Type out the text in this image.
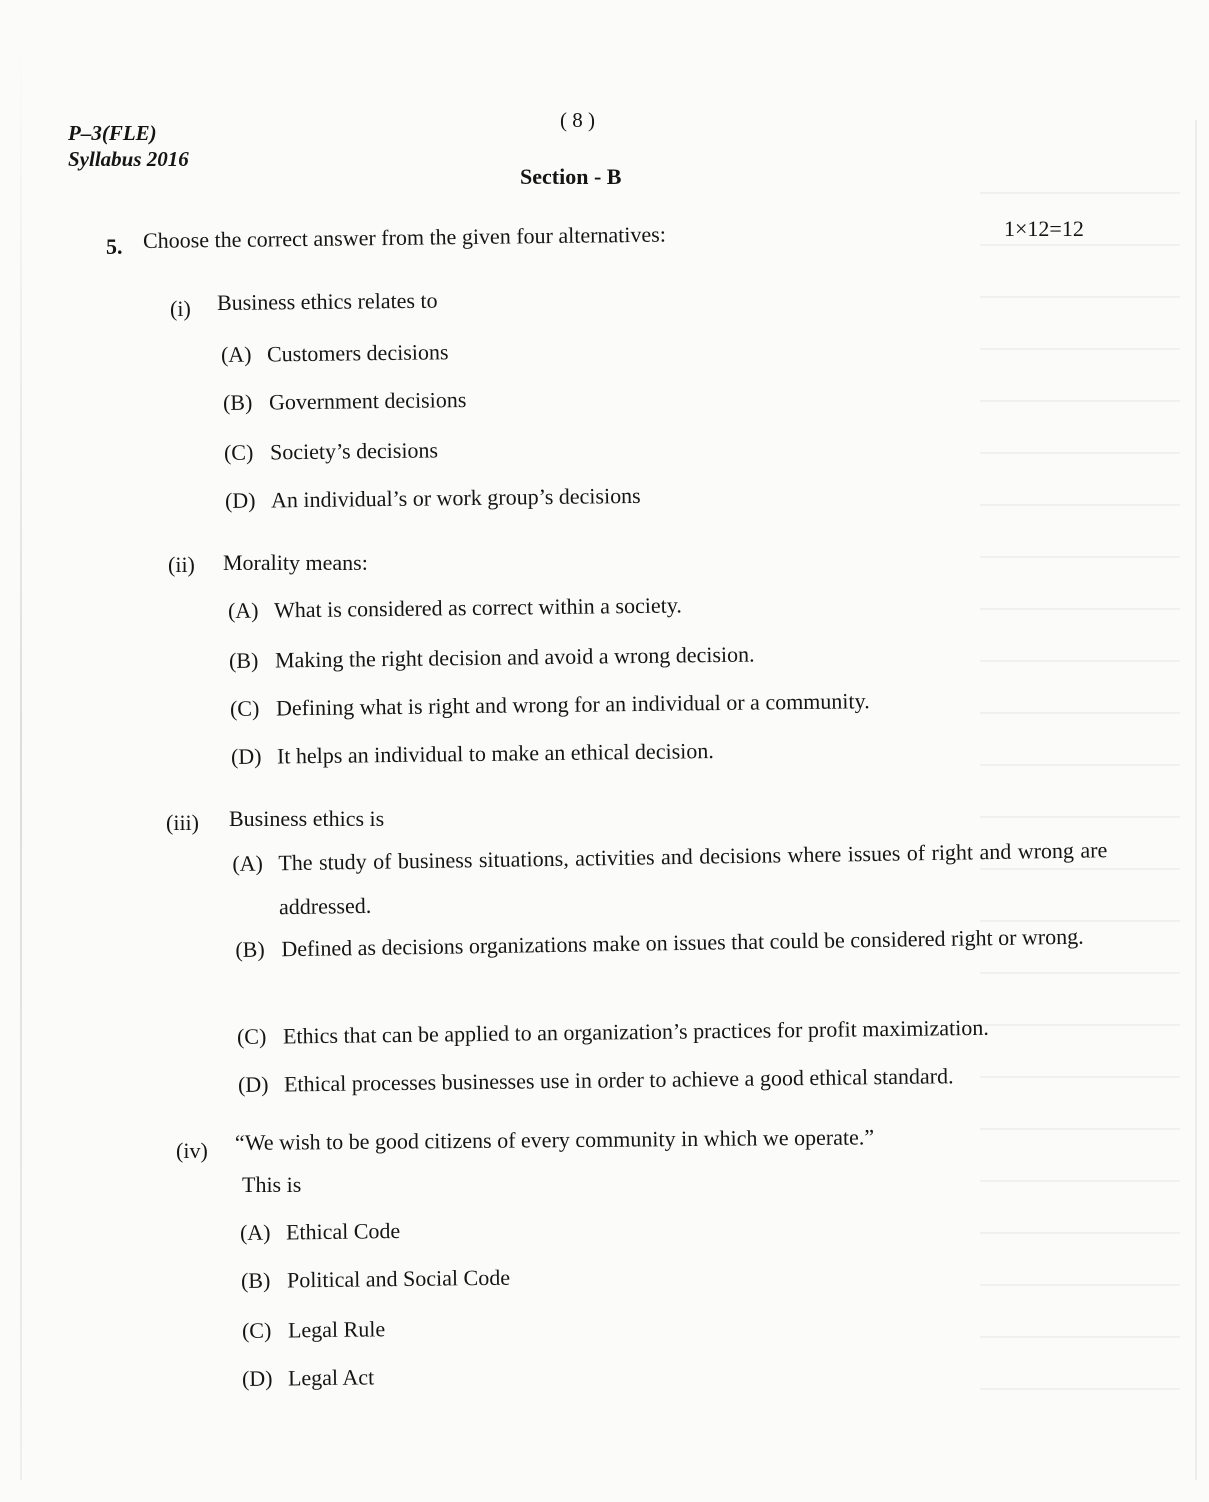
P–3(FLE)
Syllabus 2016
( 8 )
Section - B
5. Choose the correct answer from the given four alternatives:	1×12=12
(i) Business ethics relates to
(A) Customers decisions
(B) Government decisions
(C) Society’s decisions
(D) An individual’s or work group’s decisions
(ii) Morality means:
(A) What is considered as correct within a society.
(B) Making the right decision and avoid a wrong decision.
(C) Defining what is right and wrong for an individual or a community.
(D) It helps an individual to make an ethical decision.
(iii) Business ethics is
(A) The study of business situations, activities and decisions where issues of right and wrong are addressed.
(B) Defined as decisions organizations make on issues that could be considered right or wrong.
(C) Ethics that can be applied to an organization’s practices for profit maximization.
(D) Ethical processes businesses use in order to achieve a good ethical standard.
(iv) “We wish to be good citizens of every community in which we operate.”
This is
(A) Ethical Code
(B) Political and Social Code
(C) Legal Rule
(D) Legal Act
